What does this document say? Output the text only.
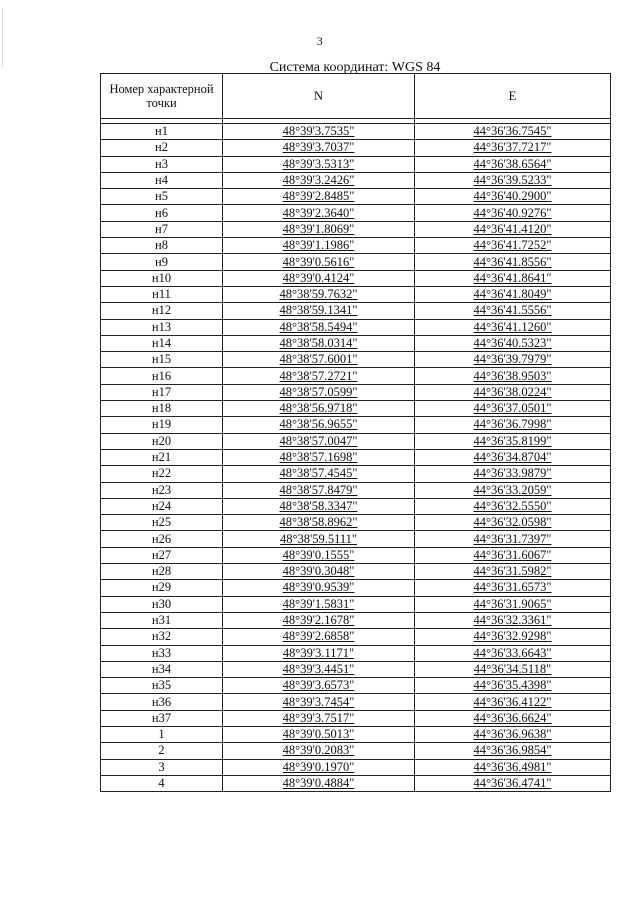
3
Система координат: WGS 84
Номер характерной точки	N	E

н1	48°39'3.7535"	44°36'36.7545"
н2	48°39'3.7037"	44°36'37.7217"
н3	48°39'3.5313"	44°36'38.6564"
н4	48°39'3.2426"	44°36'39.5233"
н5	48°39'2.8485"	44°36'40.2900"
н6	48°39'2.3640"	44°36'40.9276"
н7	48°39'1.8069"	44°36'41.4120"
н8	48°39'1.1986"	44°36'41.7252"
н9	48°39'0.5616"	44°36'41.8556"
н10	48°39'0.4124"	44°36'41.8641"
н11	48°38'59.7632"	44°36'41.8049"
н12	48°38'59.1341"	44°36'41.5556"
н13	48°38'58.5494"	44°36'41.1260"
н14	48°38'58.0314"	44°36'40.5323"
н15	48°38'57.6001"	44°36'39.7979"
н16	48°38'57.2721"	44°36'38.9503"
н17	48°38'57.0599"	44°36'38.0224"
н18	48°38'56.9718"	44°36'37.0501"
н19	48°38'56.9655"	44°36'36.7998"
н20	48°38'57.0047"	44°36'35.8199"
н21	48°38'57.1698"	44°36'34.8704"
н22	48°38'57.4545"	44°36'33.9879"
н23	48°38'57.8479"	44°36'33.2059"
н24	48°38'58.3347"	44°36'32.5550"
н25	48°38'58.8962"	44°36'32.0598"
н26	48°38'59.5111"	44°36'31.7397"
н27	48°39'0.1555"	44°36'31.6067"
н28	48°39'0.3048"	44°36'31.5982"
н29	48°39'0.9539"	44°36'31.6573"
н30	48°39'1.5831"	44°36'31.9065"
н31	48°39'2.1678"	44°36'32.3361"
н32	48°39'2.6858"	44°36'32.9298"
н33	48°39'3.1171"	44°36'33.6643"
н34	48°39'3.4451"	44°36'34.5118"
н35	48°39'3.6573"	44°36'35.4398"
н36	48°39'3.7454"	44°36'36.4122"
н37	48°39'3.7517"	44°36'36.6624"
1	48°39'0.5013"	44°36'36.9638"
2	48°39'0.2083"	44°36'36.9854"
3	48°39'0.1970"	44°36'36.4981"
4	48°39'0.4884"	44°36'36.4741"
